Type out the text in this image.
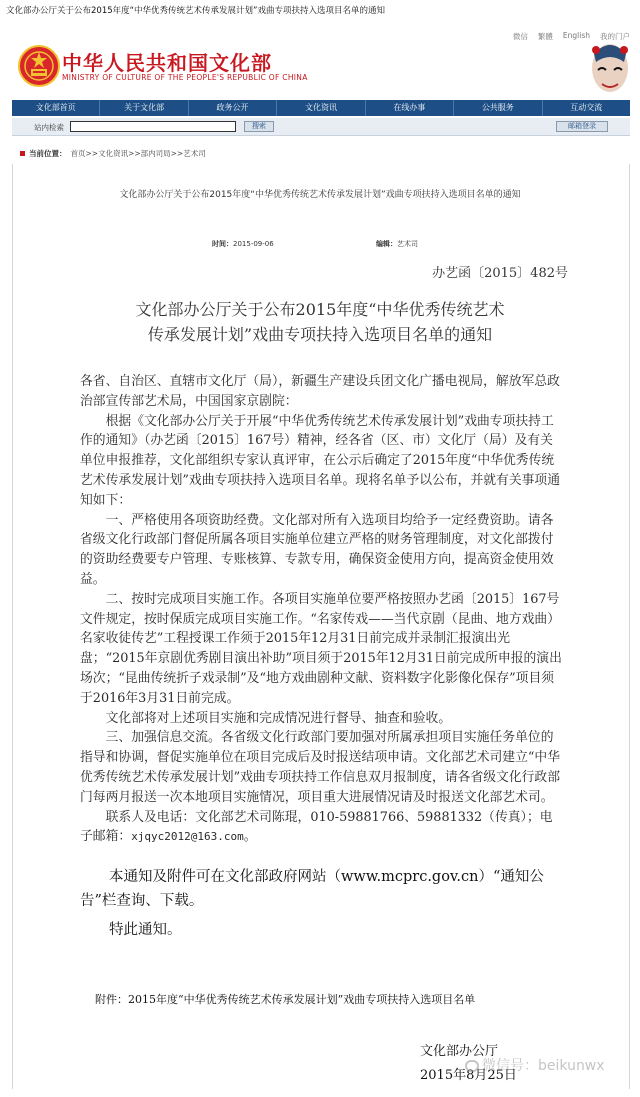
文化部办公厅关于公布2015年度“中华优秀传统艺术传承发展计划”戏曲专项扶持入选项目名单的通知
微信 繁體 English 我的门户
中华人民共和国文化部
MINISTRY OF CULTURE OF THE PEOPLE'S REPUBLIC OF CHINA
文化部首页	关于文化部	政务公开	文化资讯	在线办事	公共服务	互动交流
站内检索	搜索	邮箱登录
当前位置： 首页>>文化资讯>>部内司局>>艺术司
文化部办公厅关于公布2015年度“中华优秀传统艺术传承发展计划”戏曲专项扶持入选项目名单的通知
时间：2015-09-06	编辑：艺术司
办艺函〔2015〕482号
文化部办公厅关于公布2015年度“中华优秀传统艺术
传承发展计划”戏曲专项扶持入选项目名单的通知

各省、自治区、直辖市文化厅（局），新疆生产建设兵团文化广播电视局，解放军总政治部宣传部艺术局，中国国家京剧院：

根据《文化部办公厅关于开展“中华优秀传统艺术传承发展计划”戏曲专项扶持工作的通知》（办艺函〔2015〕167号）精神，经各省（区、市）文化厅（局）及有关单位申报推荐，文化部组织专家认真评审，在公示后确定了2015年度“中华优秀传统艺术传承发展计划”戏曲专项扶持入选项目名单。现将名单予以公布，并就有关事项通知如下：

一、严格使用各项资助经费。文化部对所有入选项目均给予一定经费资助。请各省级文化行政部门督促所属各项目实施单位建立严格的财务管理制度，对文化部拨付的资助经费要专户管理、专账核算、专款专用，确保资金使用方向，提高资金使用效益。

二、按时完成项目实施工作。各项目实施单位要严格按照办艺函〔2015〕167号文件规定，按时保质完成项目实施工作。“名家传戏——当代京剧（昆曲、地方戏曲）名家收徒传艺”工程授课工作须于2015年12月31日前完成并录制汇报演出光盘；“2015年京剧优秀剧目演出补助”项目须于2015年12月31日前完成所申报的演出场次；“昆曲传统折子戏录制”及“地方戏曲剧种文献、资料数字化影像化保存”项目须于2016年3月31日前完成。

文化部将对上述项目实施和完成情况进行督导、抽查和验收。

三、加强信息交流。各省级文化行政部门要加强对所属承担项目实施任务单位的指导和协调，督促实施单位在项目完成后及时报送结项申请。文化部艺术司建立“中华优秀传统艺术传承发展计划”戏曲专项扶持工作信息双月报制度，请各省级文化行政部门每两月报送一次本地项目实施情况，项目重大进展情况请及时报送文化部艺术司。

联系人及电话：文化部艺术司陈琨，010-59881766、59881332（传真）；电子邮箱：xjqyc2012@163.com。

本通知及附件可在文化部政府网站（www.mcprc.gov.cn）“通知公告”栏查询、下载。

特此通知。

附件：2015年度“中华优秀传统艺术传承发展计划”戏曲专项扶持入选项目名单
文化部办公厅
2015年8月25日
微信号：beikunwx
